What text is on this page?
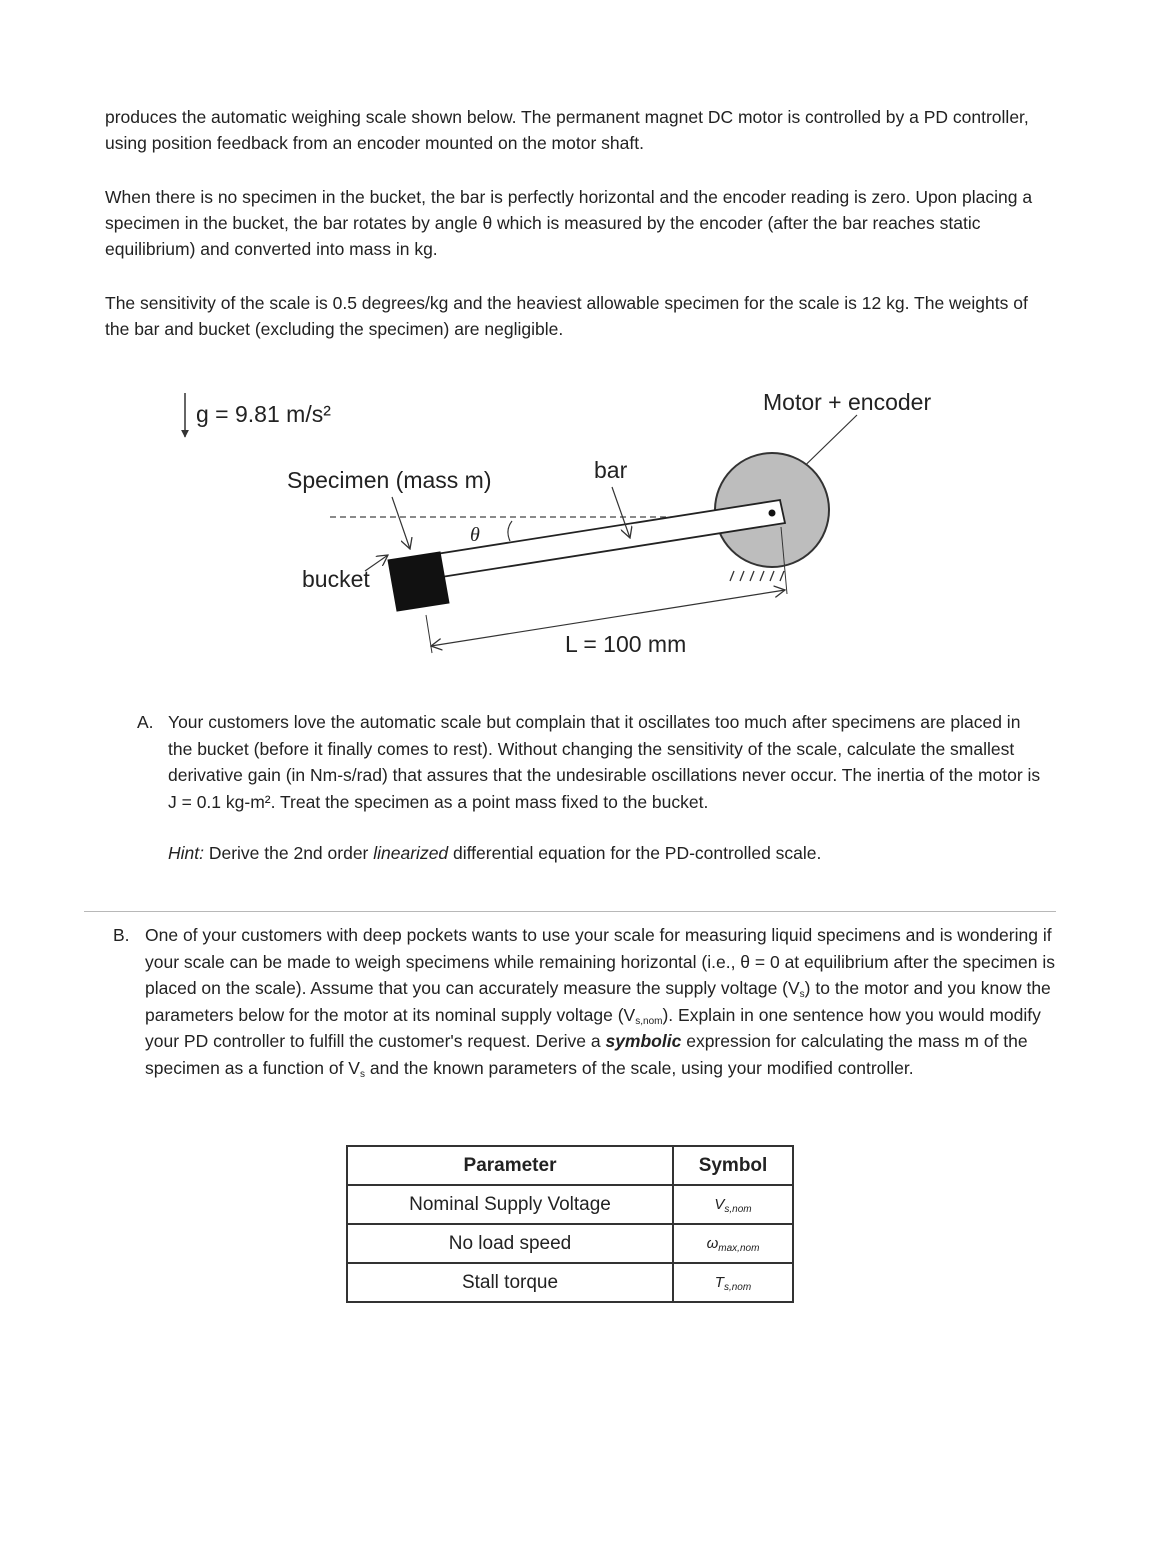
produces the automatic weighing scale shown below. The permanent magnet DC motor is controlled by a PD controller, using position feedback from an encoder mounted on the motor shaft.

When there is no specimen in the bucket, the bar is perfectly horizontal and the encoder reading is zero. Upon placing a specimen in the bucket, the bar rotates by angle θ which is measured by the encoder (after the bar reaches static equilibrium) and converted into mass in kg.

The sensitivity of the scale is 0.5 degrees/kg and the heaviest allowable specimen for the scale is 12 kg. The weights of the bar and bucket (excluding the specimen) are negligible.

g = 9.81 m/s²	Motor + encoder
Specimen (mass m)	bar
θ
bucket
L = 100 mm
A. Your customers love the automatic scale but complain that it oscillates too much after specimens are placed in the bucket (before it finally comes to rest). Without changing the sensitivity of the scale, calculate the smallest derivative gain (in Nm-s/rad) that assures that the undesirable oscillations never occur. The inertia of the motor is J = 0.1 kg-m². Treat the specimen as a point mass fixed to the bucket.

Hint: Derive the 2nd order linearized differential equation for the PD-controlled scale.

B. One of your customers with deep pockets wants to use your scale for measuring liquid specimens and is wondering if your scale can be made to weigh specimens while remaining horizontal (i.e., θ = 0 at equilibrium after the specimen is placed on the scale). Assume that you can accurately measure the supply voltage $(V_s)$ to the motor and you know the parameters below for the motor at its nominal supply voltage $(V_{s,nom})$. Explain in one sentence how you would modify your PD controller to fulfill the customer's request. Derive a symbolic expression for calculating the mass m of the specimen as a function of $V_s$ and the known parameters of the scale, using your modified controller.

Parameter	Symbol
Nominal Supply Voltage	$V_{s,nom}$
No load speed	$\omega_{max,nom}$
Stall torque	$T_{s,nom}$
